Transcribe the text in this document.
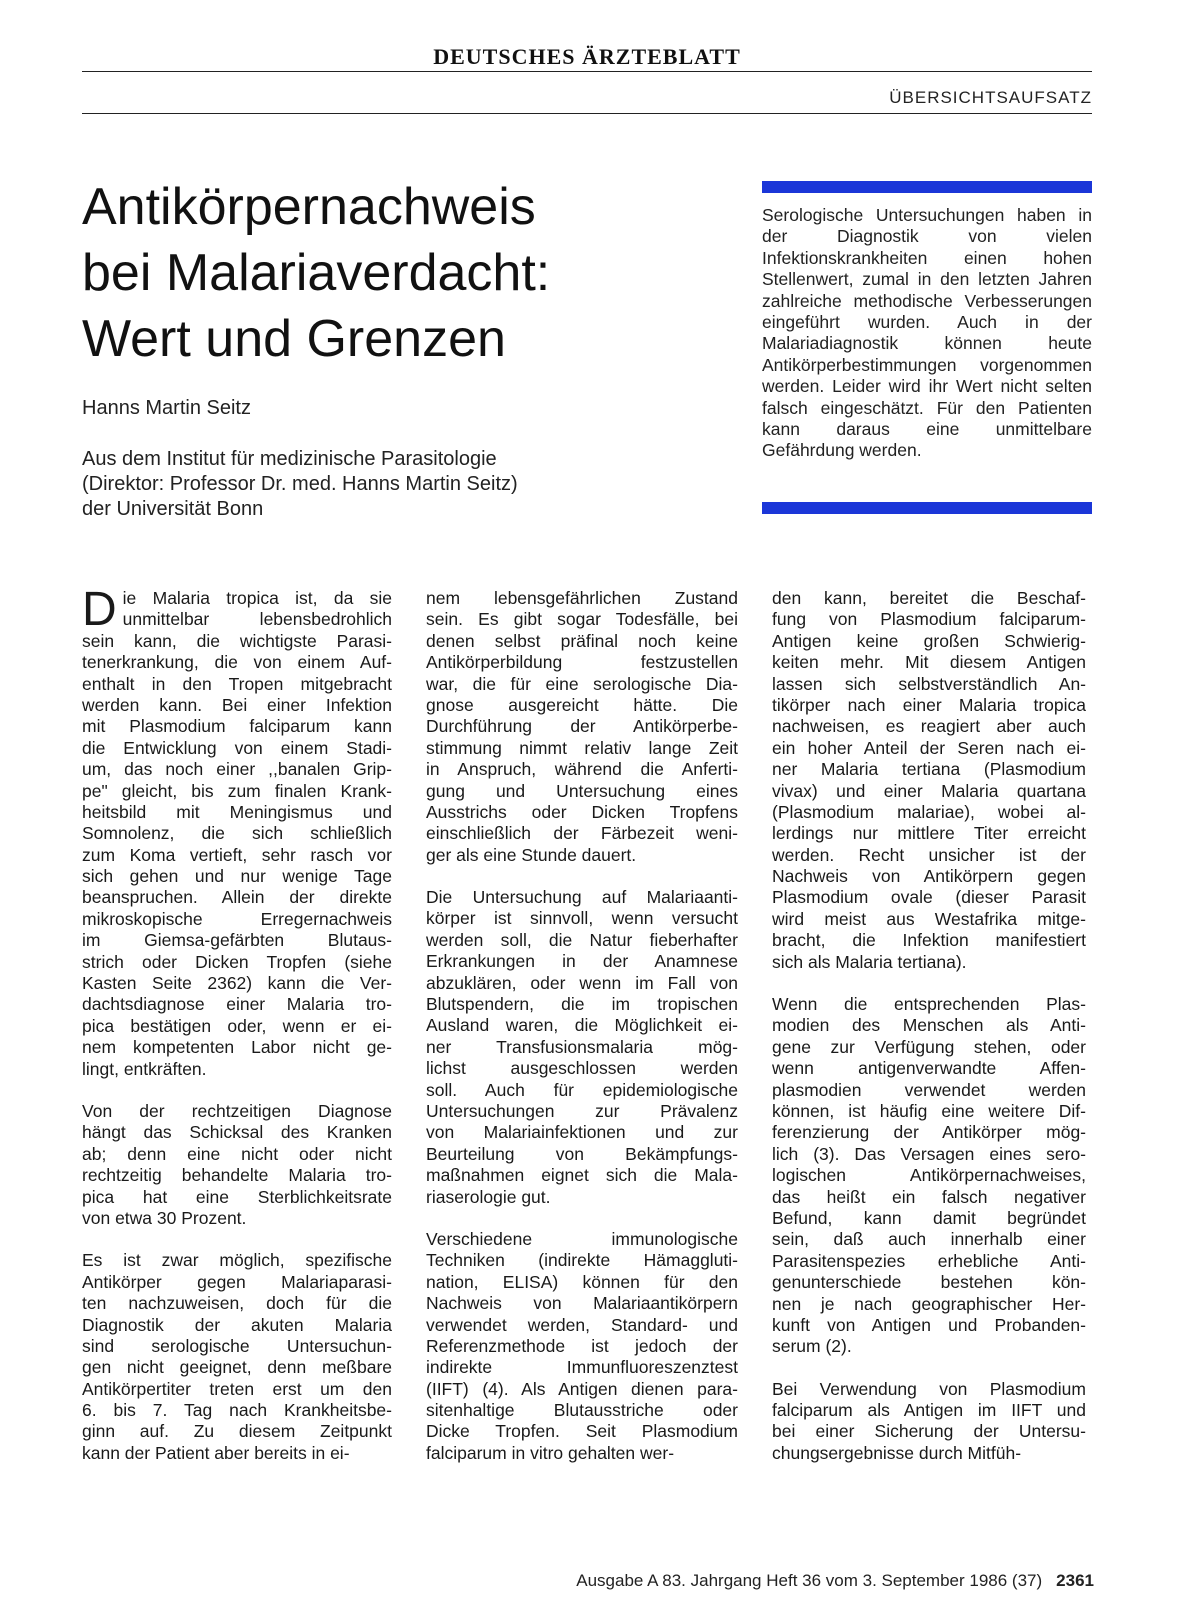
DEUTSCHES ÄRZTEBLATT
ÜBERSICHTSAUFSATZ
Antikörpernachweis
bei Malariaverdacht:
Wert und Grenzen
Hanns Martin Seitz
Aus dem Institut für medizinische Parasitologie
(Direktor: Professor Dr. med. Hanns Martin Seitz)
der Universität Bonn
Serologische Untersuchungen haben in der Diagnostik von vielen Infektionskrankheiten einen hohen Stellenwert, zumal in den letzten Jahren zahlreiche methodische Verbesserungen eingeführt wurden. Auch in der Malariadiagnostik können heute Antikörperbestimmungen vorgenommen werden. Leider wird ihr Wert nicht selten falsch eingeschätzt. Für den Patienten kann daraus eine unmittelbare Gefährdung werden.
D ie Malaria tropica ist, da sie
unmittelbar lebensbedrohlich
sein kann, die wichtigste Parasi-
tenerkrankung, die von einem Auf-
enthalt in den Tropen mitgebracht
werden kann. Bei einer Infektion
mit Plasmodium falciparum kann
die Entwicklung von einem Stadi-
um, das noch einer ,,banalen Grip-
pe" gleicht, bis zum finalen Krank-
heitsbild mit Meningismus und
Somnolenz, die sich schließlich
zum Koma vertieft, sehr rasch vor
sich gehen und nur wenige Tage
beanspruchen. Allein der direkte
mikroskopische Erregernachweis
im Giemsa-gefärbten Blutaus-
strich oder Dicken Tropfen (siehe
Kasten Seite 2362) kann die Ver-
dachtsdiagnose einer Malaria tro-
pica bestätigen oder, wenn er ei-
nem kompetenten Labor nicht ge-
lingt, entkräften.
Von der rechtzeitigen Diagnose
hängt das Schicksal des Kranken
ab; denn eine nicht oder nicht
rechtzeitig behandelte Malaria tro-
pica hat eine Sterblichkeitsrate
von etwa 30 Prozent.
Es ist zwar möglich, spezifische
Antikörper gegen Malariaparasi-
ten nachzuweisen, doch für die
Diagnostik der akuten Malaria
sind serologische Untersuchun-
gen nicht geeignet, denn meßbare
Antikörpertiter treten erst um den
6. bis 7. Tag nach Krankheitsbe-
ginn auf. Zu diesem Zeitpunkt
kann der Patient aber bereits in ei-
nem lebensgefährlichen Zustand
sein. Es gibt sogar Todesfälle, bei
denen selbst präfinal noch keine
Antikörperbildung festzustellen
war, die für eine serologische Dia-
gnose ausgereicht hätte. Die
Durchführung der Antikörperbe-
stimmung nimmt relativ lange Zeit
in Anspruch, während die Anferti-
gung und Untersuchung eines
Ausstrichs oder Dicken Tropfens
einschließlich der Färbezeit weni-
ger als eine Stunde dauert.
Die Untersuchung auf Malariaanti-
körper ist sinnvoll, wenn versucht
werden soll, die Natur fieberhafter
Erkrankungen in der Anamnese
abzuklären, oder wenn im Fall von
Blutspendern, die im tropischen
Ausland waren, die Möglichkeit ei-
ner Transfusionsmalaria mög-
lichst ausgeschlossen werden
soll. Auch für epidemiologische
Untersuchungen zur Prävalenz
von Malariainfektionen und zur
Beurteilung von Bekämpfungs-
maßnahmen eignet sich die Mala-
riaserologie gut.
Verschiedene immunologische
Techniken (indirekte Hämaggluti-
nation, ELISA) können für den
Nachweis von Malariaantikörpern
verwendet werden, Standard- und
Referenzmethode ist jedoch der
indirekte Immunfluoreszenztest
(IIFT) (4). Als Antigen dienen para-
sitenhaltige Blutausstriche oder
Dicke Tropfen. Seit Plasmodium
falciparum in vitro gehalten wer-
den kann, bereitet die Beschaf-
fung von Plasmodium falciparum-
Antigen keine großen Schwierig-
keiten mehr. Mit diesem Antigen
lassen sich selbstverständlich An-
tikörper nach einer Malaria tropica
nachweisen, es reagiert aber auch
ein hoher Anteil der Seren nach ei-
ner Malaria tertiana (Plasmodium
vivax) und einer Malaria quartana
(Plasmodium malariae), wobei al-
lerdings nur mittlere Titer erreicht
werden. Recht unsicher ist der
Nachweis von Antikörpern gegen
Plasmodium ovale (dieser Parasit
wird meist aus Westafrika mitge-
bracht, die Infektion manifestiert
sich als Malaria tertiana).
Wenn die entsprechenden Plas-
modien des Menschen als Anti-
gene zur Verfügung stehen, oder
wenn antigenverwandte Affen-
plasmodien verwendet werden
können, ist häufig eine weitere Dif-
ferenzierung der Antikörper mög-
lich (3). Das Versagen eines sero-
logischen Antikörpernachweises,
das heißt ein falsch negativer
Befund, kann damit begründet
sein, daß auch innerhalb einer
Parasitenspezies erhebliche Anti-
genunterschiede bestehen kön-
nen je nach geographischer Her-
kunft von Antigen und Probanden-
serum (2).
Bei Verwendung von Plasmodium
falciparum als Antigen im IIFT und
bei einer Sicherung der Untersu-
chungsergebnisse durch Mitfüh-
Ausgabe A 83. Jahrgang Heft 36 vom 3. September 1986 (37) 2361
